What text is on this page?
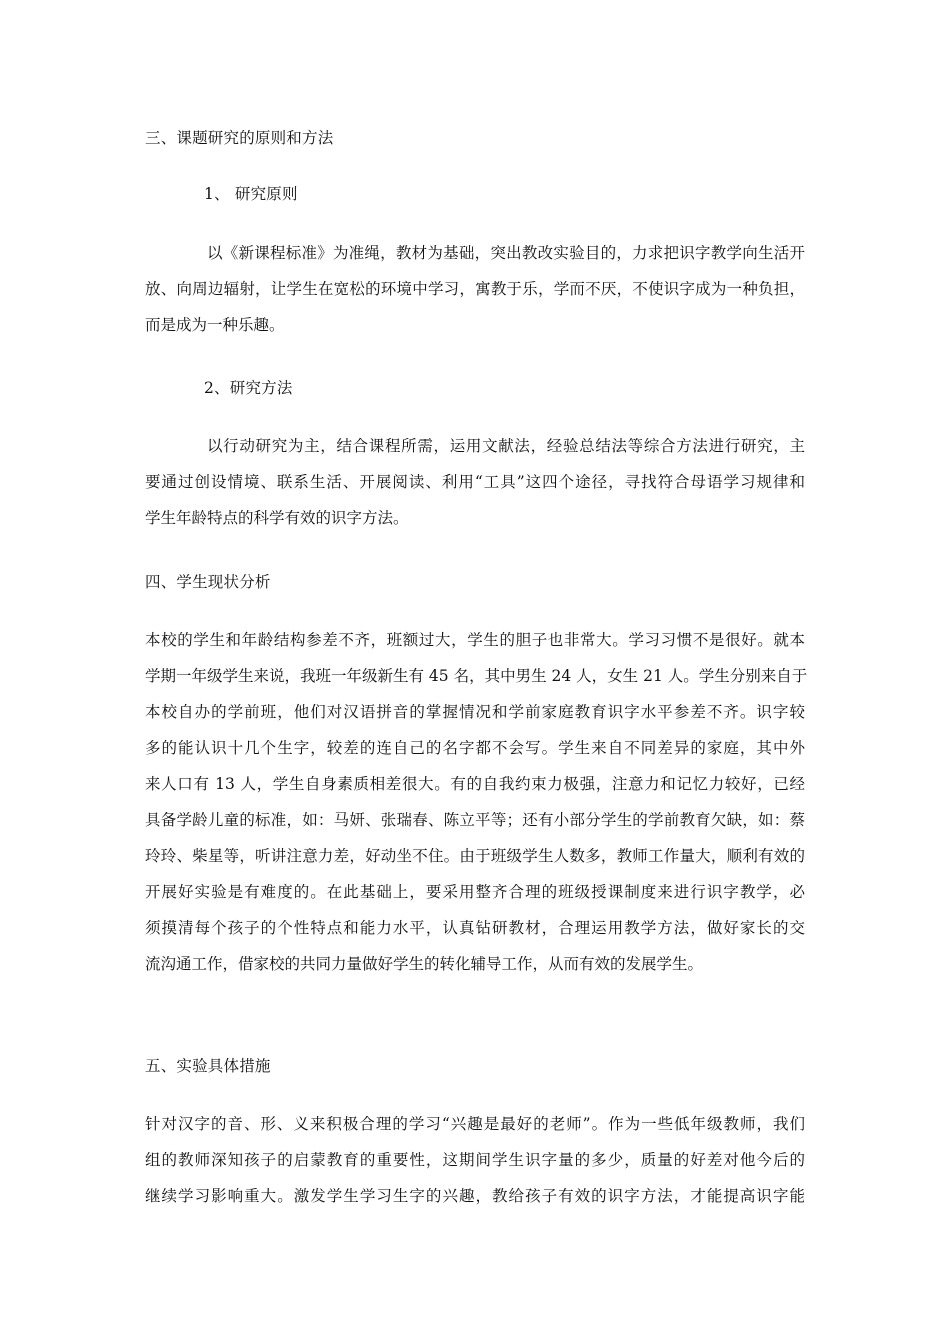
三、课题研究的原则和方法
1、 研究原则
以《新课程标准》为准绳，教材为基础，突出教改实验目的，力求把识字教学向生活开
放、向周边辐射，让学生在宽松的环境中学习，寓教于乐，学而不厌，不使识字成为一种负担，
而是成为一种乐趣。
2、研究方法
以行动研究为主，结合课程所需，运用文献法，经验总结法等综合方法进行研究，主
要通过创设情境、联系生活、开展阅读、利用“工具”这四个途径，寻找符合母语学习规律和
学生年龄特点的科学有效的识字方法。
四、学生现状分析
本校的学生和年龄结构参差不齐，班额过大，学生的胆子也非常大。学习习惯不是很好。就本
学期一年级学生来说，我班一年级新生有 45 名，其中男生 24 人，女生 21 人。学生分别来自于
本校自办的学前班，他们对汉语拼音的掌握情况和学前家庭教育识字水平参差不齐。识字较
多的能认识十几个生字，较差的连自己的名字都不会写。学生来自不同差异的家庭，其中外
来人口有 13 人，学生自身素质相差很大。有的自我约束力极强，注意力和记忆力较好，已经
具备学龄儿童的标准，如：马妍、张瑞春、陈立平等；还有小部分学生的学前教育欠缺，如：蔡
玲玲、柴星等，听讲注意力差，好动坐不住。由于班级学生人数多，教师工作量大，顺利有效的
开展好实验是有难度的。在此基础上，要采用整齐合理的班级授课制度来进行识字教学，必
须摸清每个孩子的个性特点和能力水平，认真钻研教材，合理运用教学方法，做好家长的交
流沟通工作，借家校的共同力量做好学生的转化辅导工作，从而有效的发展学生。
五、实验具体措施
针对汉字的音、形、义来积极合理的学习“兴趣是最好的老师”。作为一些低年级教师，我们
组的教师深知孩子的启蒙教育的重要性，这期间学生识字量的多少，质量的好差对他今后的
继续学习影响重大。激发学生学习生字的兴趣，教给孩子有效的识字方法，才能提高识字能
